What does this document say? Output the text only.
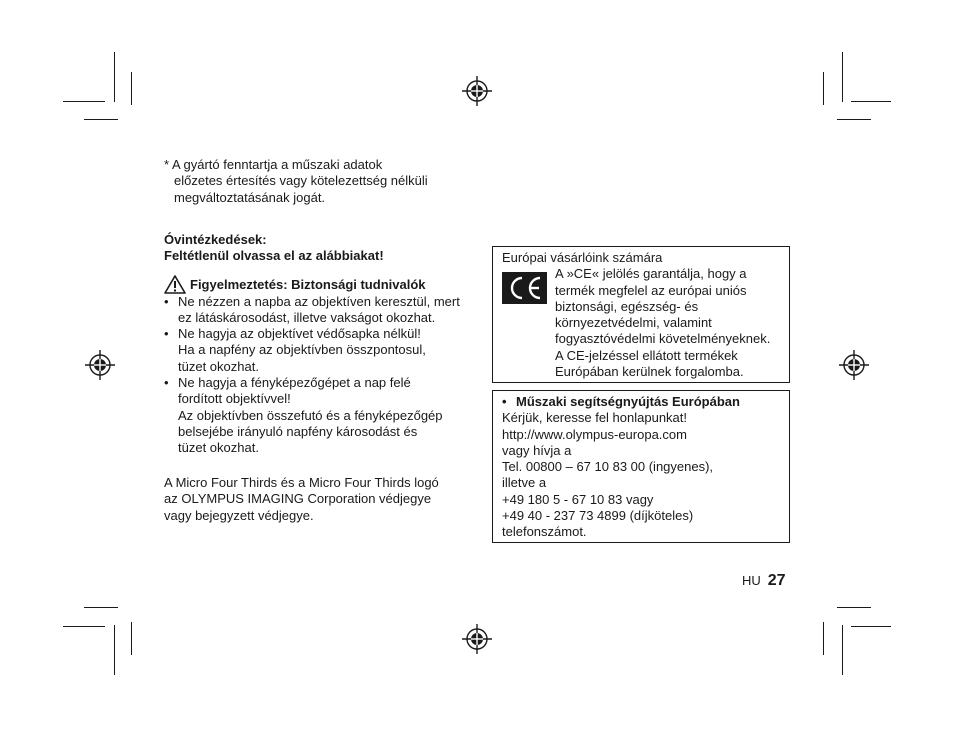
* A gyártó fenntartja a műszaki adatok
előzetes értesítés vagy kötelezettség nélküli
megváltoztatásának jogát.
Óvintézkedések:
Feltétlenül olvassa el az alábbiakat!
Figyelmeztetés: Biztonsági tudnivalók
• Ne nézzen a napba az objektíven keresztül, mert
ez látáskárosodást, illetve vakságot okozhat.
• Ne hagyja az objektívet védősapka nélkül!
Ha a napfény az objektívben összpontosul,
tüzet okozhat.
• Ne hagyja a fényképezőgépet a nap felé
fordított objektívvel!
Az objektívben összefutó és a fényképezőgép
belsejébe irányuló napfény károsodást és
tüzet okozhat.
A Micro Four Thirds és a Micro Four Thirds logó
az OLYMPUS IMAGING Corporation védjegye
vagy bejegyzett védjegye.
Európai vásárlóink számára
A »CE« jelölés garantálja, hogy a
termék megfelel az európai uniós
biztonsági, egészség- és
környezetvédelmi, valamint
fogyasztóvédelmi követelményeknek.
A CE-jelzéssel ellátott termékek
Európában kerülnek forgalomba.
• Műszaki segítségnyújtás Európában
Kérjük, keresse fel honlapunkat!
http://www.olympus-europa.com
vagy hívja a
Tel. 00800 – 67 10 83 00 (ingyenes),
illetve a
+49 180 5 - 67 10 83 vagy
+49 40 - 237 73 4899 (díjköteles)
telefonszámot.
HU 27
